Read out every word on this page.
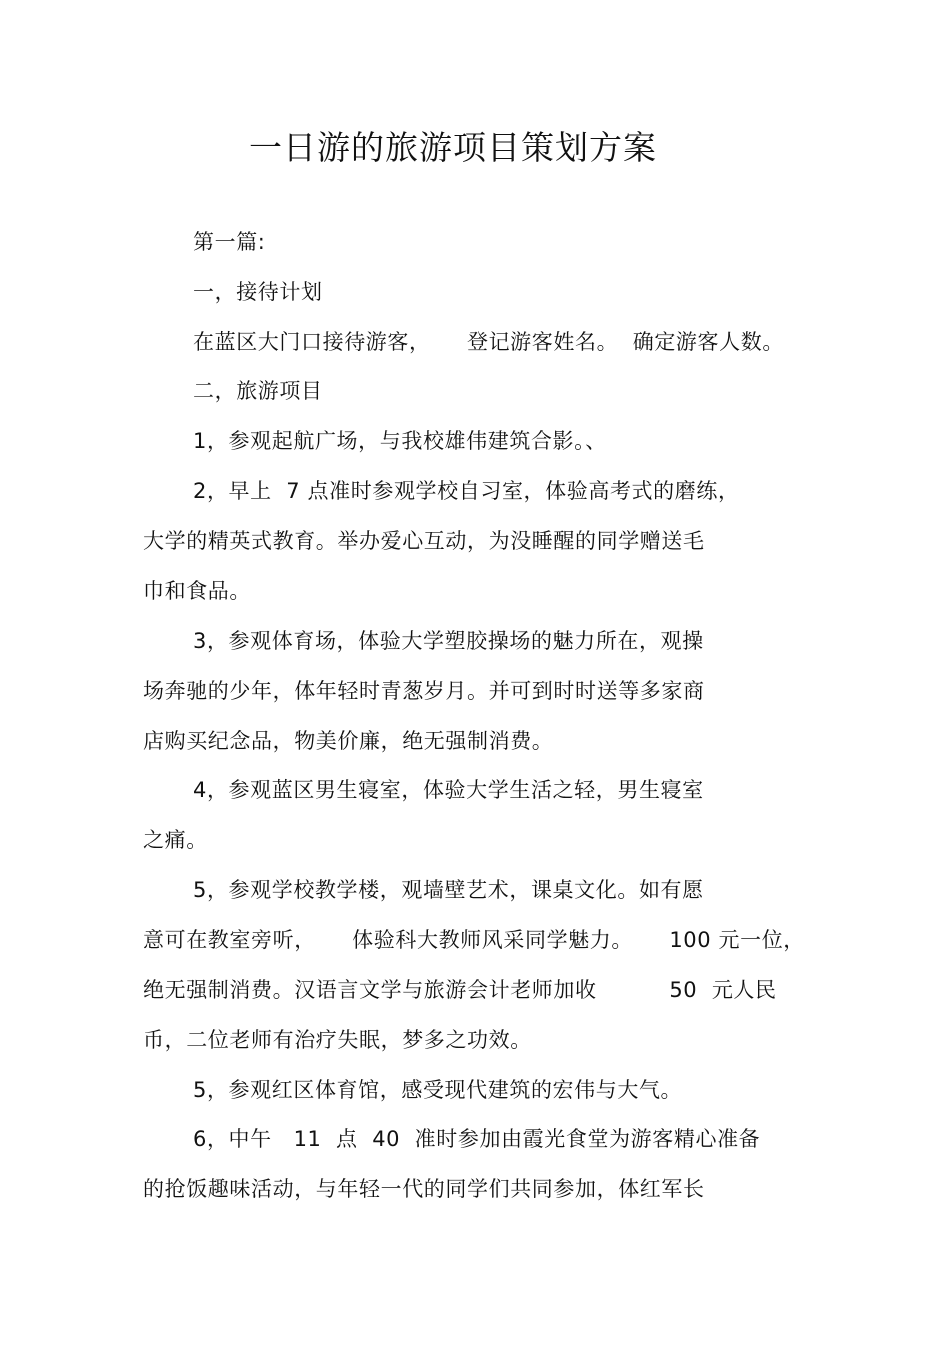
一日游的旅游项目策划方案
第一篇:
一，接待计划
在蓝区大门口接待游客，     登记游客姓名。  确定游客人数。
二，旅游项目
1，参观起航广场，与我校雄伟建筑合影。、
2，早上  7 点准时参观学校自习室，体验高考式的磨练，
大学的精英式教育。举办爱心互动，为没睡醒的同学赠送毛
巾和食品。
3，参观体育场，体验大学塑胶操场的魅力所在，观操
场奔驰的少年，体年轻时青葱岁月。并可到时时送等多家商
店购买纪念品，物美价廉，绝无强制消费。
4，参观蓝区男生寝室，体验大学生活之轻，男生寝室
之痛。
5，参观学校教学楼，观墙壁艺术，课桌文化。如有愿
意可在教室旁听，     体验科大教师风采同学魅力。     100 元一位，
绝无强制消费。汉语言文学与旅游会计老师加收          50  元人民
币，二位老师有治疗失眠，梦多之功效。
5，参观红区体育馆，感受现代建筑的宏伟与大气。
6，中午   11  点  40  准时参加由霞光食堂为游客精心准备
的抢饭趣味活动，与年轻一代的同学们共同参加，体红军长
